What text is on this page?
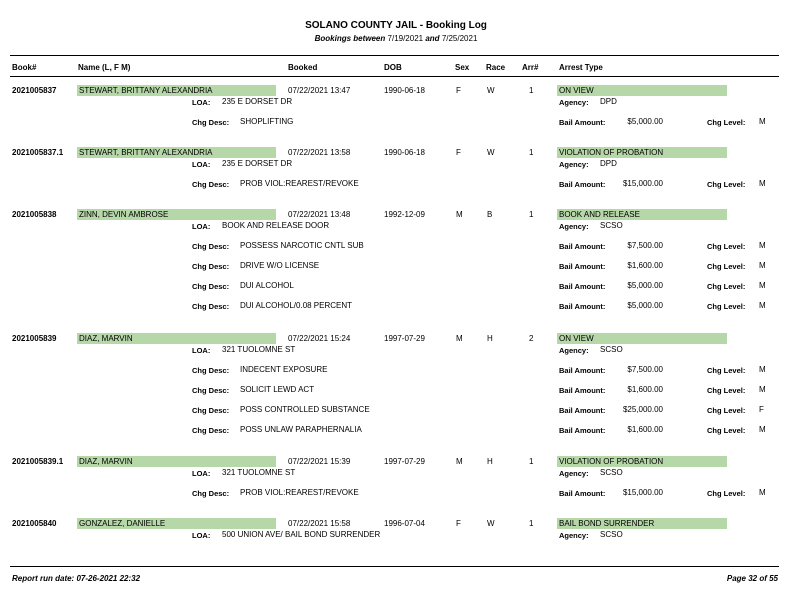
SOLANO COUNTY JAIL - Booking Log
Bookings between 7/19/2021 and 7/25/2021
Book#	Name (L, F M)	Booked	DOB	Sex Race Arr#	Arrest Type
2021005837	STEWART, BRITTANY ALEXANDRIA	07/22/2021 13:47	1990-06-18	F	W	1	ON VIEW
LOA: 235 E DORSET DR	Agency: DPD
Chg Desc: SHOPLIFTING	Bail Amount:	$5,000.00	Chg Level: M
2021005837.1 STEWART, BRITTANY ALEXANDRIA	07/22/2021 13:58	1990-06-18	F	W	1	VIOLATION OF PROBATION
LOA: 235 E DORSET DR	Agency: DPD
Chg Desc: PROB VIOL:REAREST/REVOKE	Bail Amount: $15,000.00	Chg Level: M
2021005838	ZINN, DEVIN AMBROSE	07/22/2021 13:48	1992-12-09	M	B	1	BOOK AND RELEASE
LOA: BOOK AND RELEASE DOOR	Agency: SCSO
Chg Desc: POSSESS NARCOTIC CNTL SUB	Bail Amount:	$7,500.00	Chg Level: M
Chg Desc: DRIVE W/O LICENSE	Bail Amount:	$1,600.00	Chg Level: M
Chg Desc: DUI ALCOHOL	Bail Amount:	$5,000.00	Chg Level: M
Chg Desc: DUI ALCOHOL/0.08 PERCENT	Bail Amount:	$5,000.00	Chg Level: M
2021005839	DIAZ, MARVIN	07/22/2021 15:24	1997-07-29	M	H	2	ON VIEW
LOA: 321 TUOLOMNE ST	Agency: SCSO
Chg Desc: INDECENT EXPOSURE	Bail Amount:	$7,500.00	Chg Level: M
Chg Desc: SOLICIT LEWD ACT	Bail Amount:	$1,600.00	Chg Level: M
Chg Desc: POSS CONTROLLED SUBSTANCE	Bail Amount: $25,000.00	Chg Level: F
Chg Desc: POSS UNLAW PARAPHERNALIA	Bail Amount:	$1,600.00	Chg Level: M
2021005839.1 DIAZ, MARVIN	07/22/2021 15:39	1997-07-29	M	H	1	VIOLATION OF PROBATION
LOA: 321 TUOLOMNE ST	Agency: SCSO
Chg Desc: PROB VIOL:REAREST/REVOKE	Bail Amount: $15,000.00	Chg Level: M
2021005840	GONZALEZ, DANIELLE	07/22/2021 15:58	1996-07-04	F	W	1	BAIL BOND SURRENDER
LOA: 500 UNION AVE/ BAIL BOND SURRENDER	Agency: SCSO
Report run date: 07-26-2021 22:32	Page 32 of 55
